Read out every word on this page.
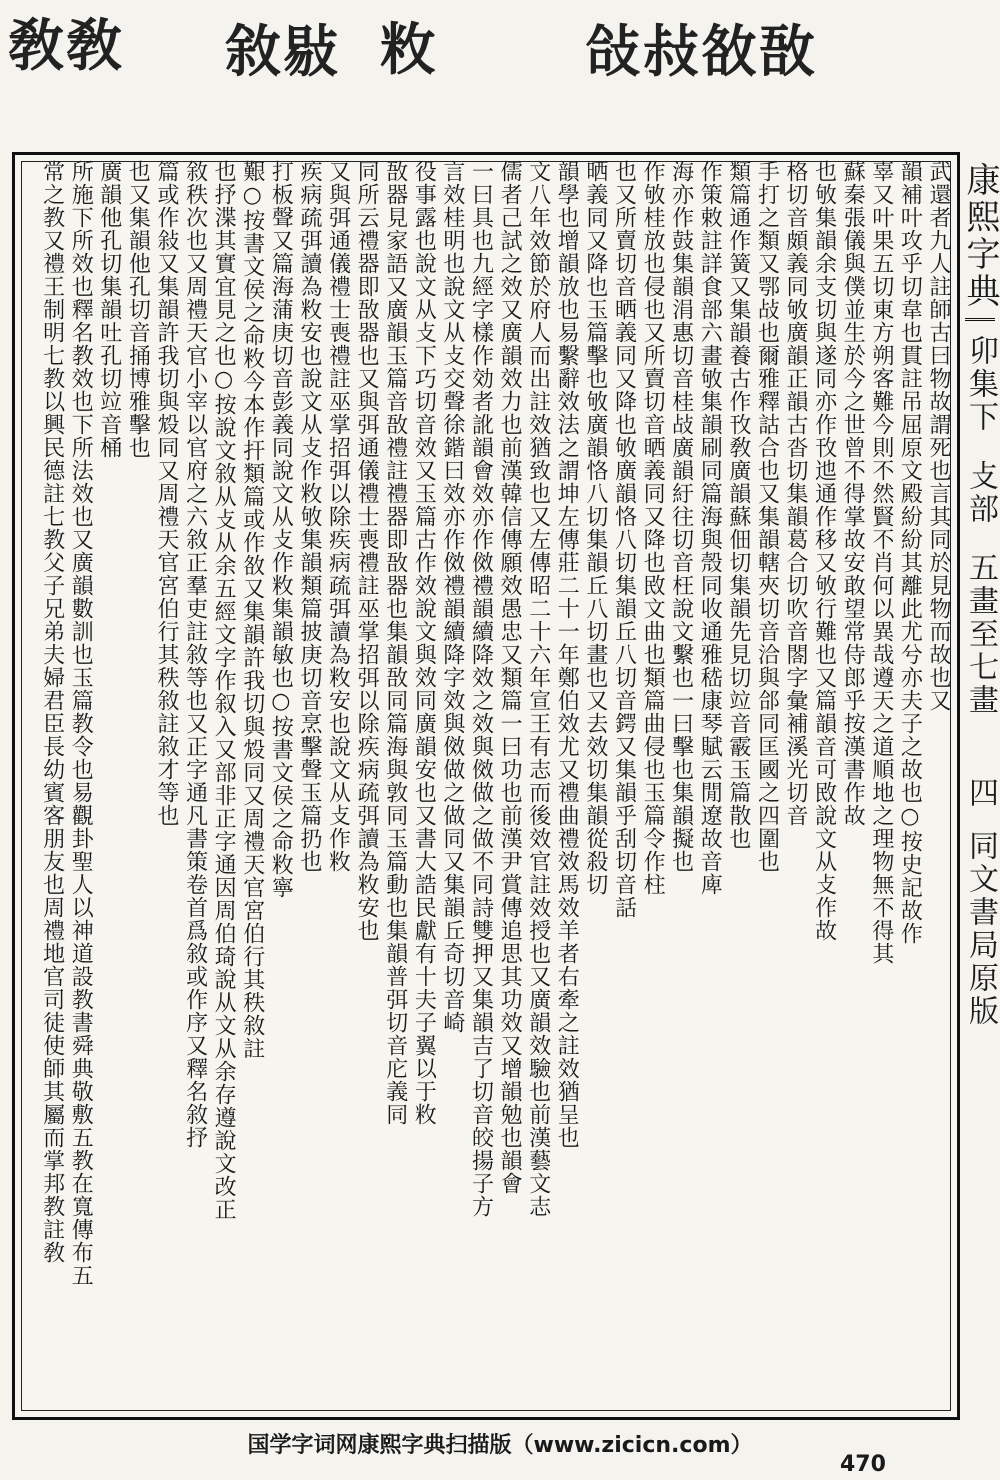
敎敎 敘敡 敉	敆敊敋敔
武還者九人註師古曰物故謂死也言其同於見物而故也又
韻補叶攻乎切韋也貫註吊屈原文殿紛紛其離此尤兮亦夫子之故也○按史記故作
辜又叶果五切東方朔客難今則不然賢不肖何以異哉遵天之道順地之理物無不得其
蘇秦張儀與僕並生於今之世曾不得掌故安敢望常侍郎乎按漢書作故
也敂集韻余支切與遂同亦作攼迆通作移又敂行難也又篇韻音可敃說文从攴作故
格切音頗義同敂廣韻正韻古沓切集韻葛合切吹音閤字彙補溪光切音
手打之類又鄂敁也爾雅釋詁合也又集韻轄夾切音洽與郃同匡國之四圍也
類篇通作簧又集韻養古作攼敎廣韻蘇佃切集韻先見切竝音霰玉篇散也
作策敕註詳食部六畫敂集韻刷同篇海與殼同收通雅嵇康琴賦云閒遼故音庳
海亦作鼓集韻涓惠切音桂敁廣韻紆往切音枉說文繫也一曰擊也集韻擬也
作敂桂放也侵也又所賣切音晒義同又降也敃文曲也類篇曲侵也玉篇令作柱
也又所賣切音晒義同又降也敂廣韻恪八切集韻丘八切音鍔又集韻乎刮切音話
晒義同又降也玉篇擊也敂廣韻恪八切集韻丘八切畫也又去效切集韻從殺切
韻學也增韻放也易繫辭效法之謂坤左傳莊二十一年鄭伯效尤又禮曲禮效馬效羊者右牽之註效猶呈也
文八年效節於府人而出註效猶致也又左傳昭二十六年宣王有志而後效官註效授也又廣韻效驗也前漢藝文志
儒者己試之效又廣韻效力也前漢韓信傳願效愚忠又類篇一曰功也前漢尹賞傳追思其功效又增韻勉也韻會
一曰具也九經字樣作効者訛韻會效亦作傚禮韻續降效之效與傚做之做不同詩雙押又集韻吉了切音皎揚子方
言效桂明也說文从攴交聲徐鍇曰效亦作傚禮韻續降字效與傚做之做同又集韻丘奇切音崎
役事露也說文从攴下巧切音效又玉篇古作效說文與效同廣韻安也又書大誥民獻有十夫子翼以于敉
敔器見家語又廣韻玉篇音敔禮註禮器即敔器也集韻敔同篇海與敦同玉篇動也集韻普弭切音庀義同
同所云禮器即敔器也又與弭通儀禮士喪禮註巫掌招弭以除疾病疏弭讀為敉安也
又與弭通儀禮士喪禮註巫掌招弭以除疾病疏弭讀為敉安也說文从攴作敉
疾病疏弭讀為敉安也說文从攴作敉敂集韻類篇披庚切音烹擊聲玉篇扔也
打板聲又篇海蒲庚切音彭義同說文从攴作敉集韻敏也○按書文侯之命敉寧
艱○按書文侯之命敉今本作扞類篇或作敋又集韻許我切與㱽同又周禮天官宮伯行其秩敘註
也抒渫其實宜見之也○按說文敘从攴从余五經文字作叙入又部非正字通因周伯琦說从文从余存遵說文改正
敘秩次也又周禮天官小宰以官府之六敘正羣吏註敘等也又正字通凡書策卷首爲敘或作序又釋名敘抒
篇或作敍又集韻許我切與㱽同又周禮天官宮伯行其秩敘註敘才等也
也又集韻他孔切音捅博雅擊也
廣韻他孔切集韻吐孔切竝音桶
所施下所效也釋名教效也下所法效也又廣韻數訓也玉篇教令也易觀卦聖人以神道設教書舜典敬敷五教在寬傳布五
常之教又禮王制明七教以興民德註七教父子兄弟夫婦君臣長幼賓客朋友也周禮地官司徒使師其屬而掌邦教註敎	康熙字典
卯集下
攴部
五畫至七畫
四
同文書局原版
国学字词网康熙字典扫描版（www.zicicn.com）
470
